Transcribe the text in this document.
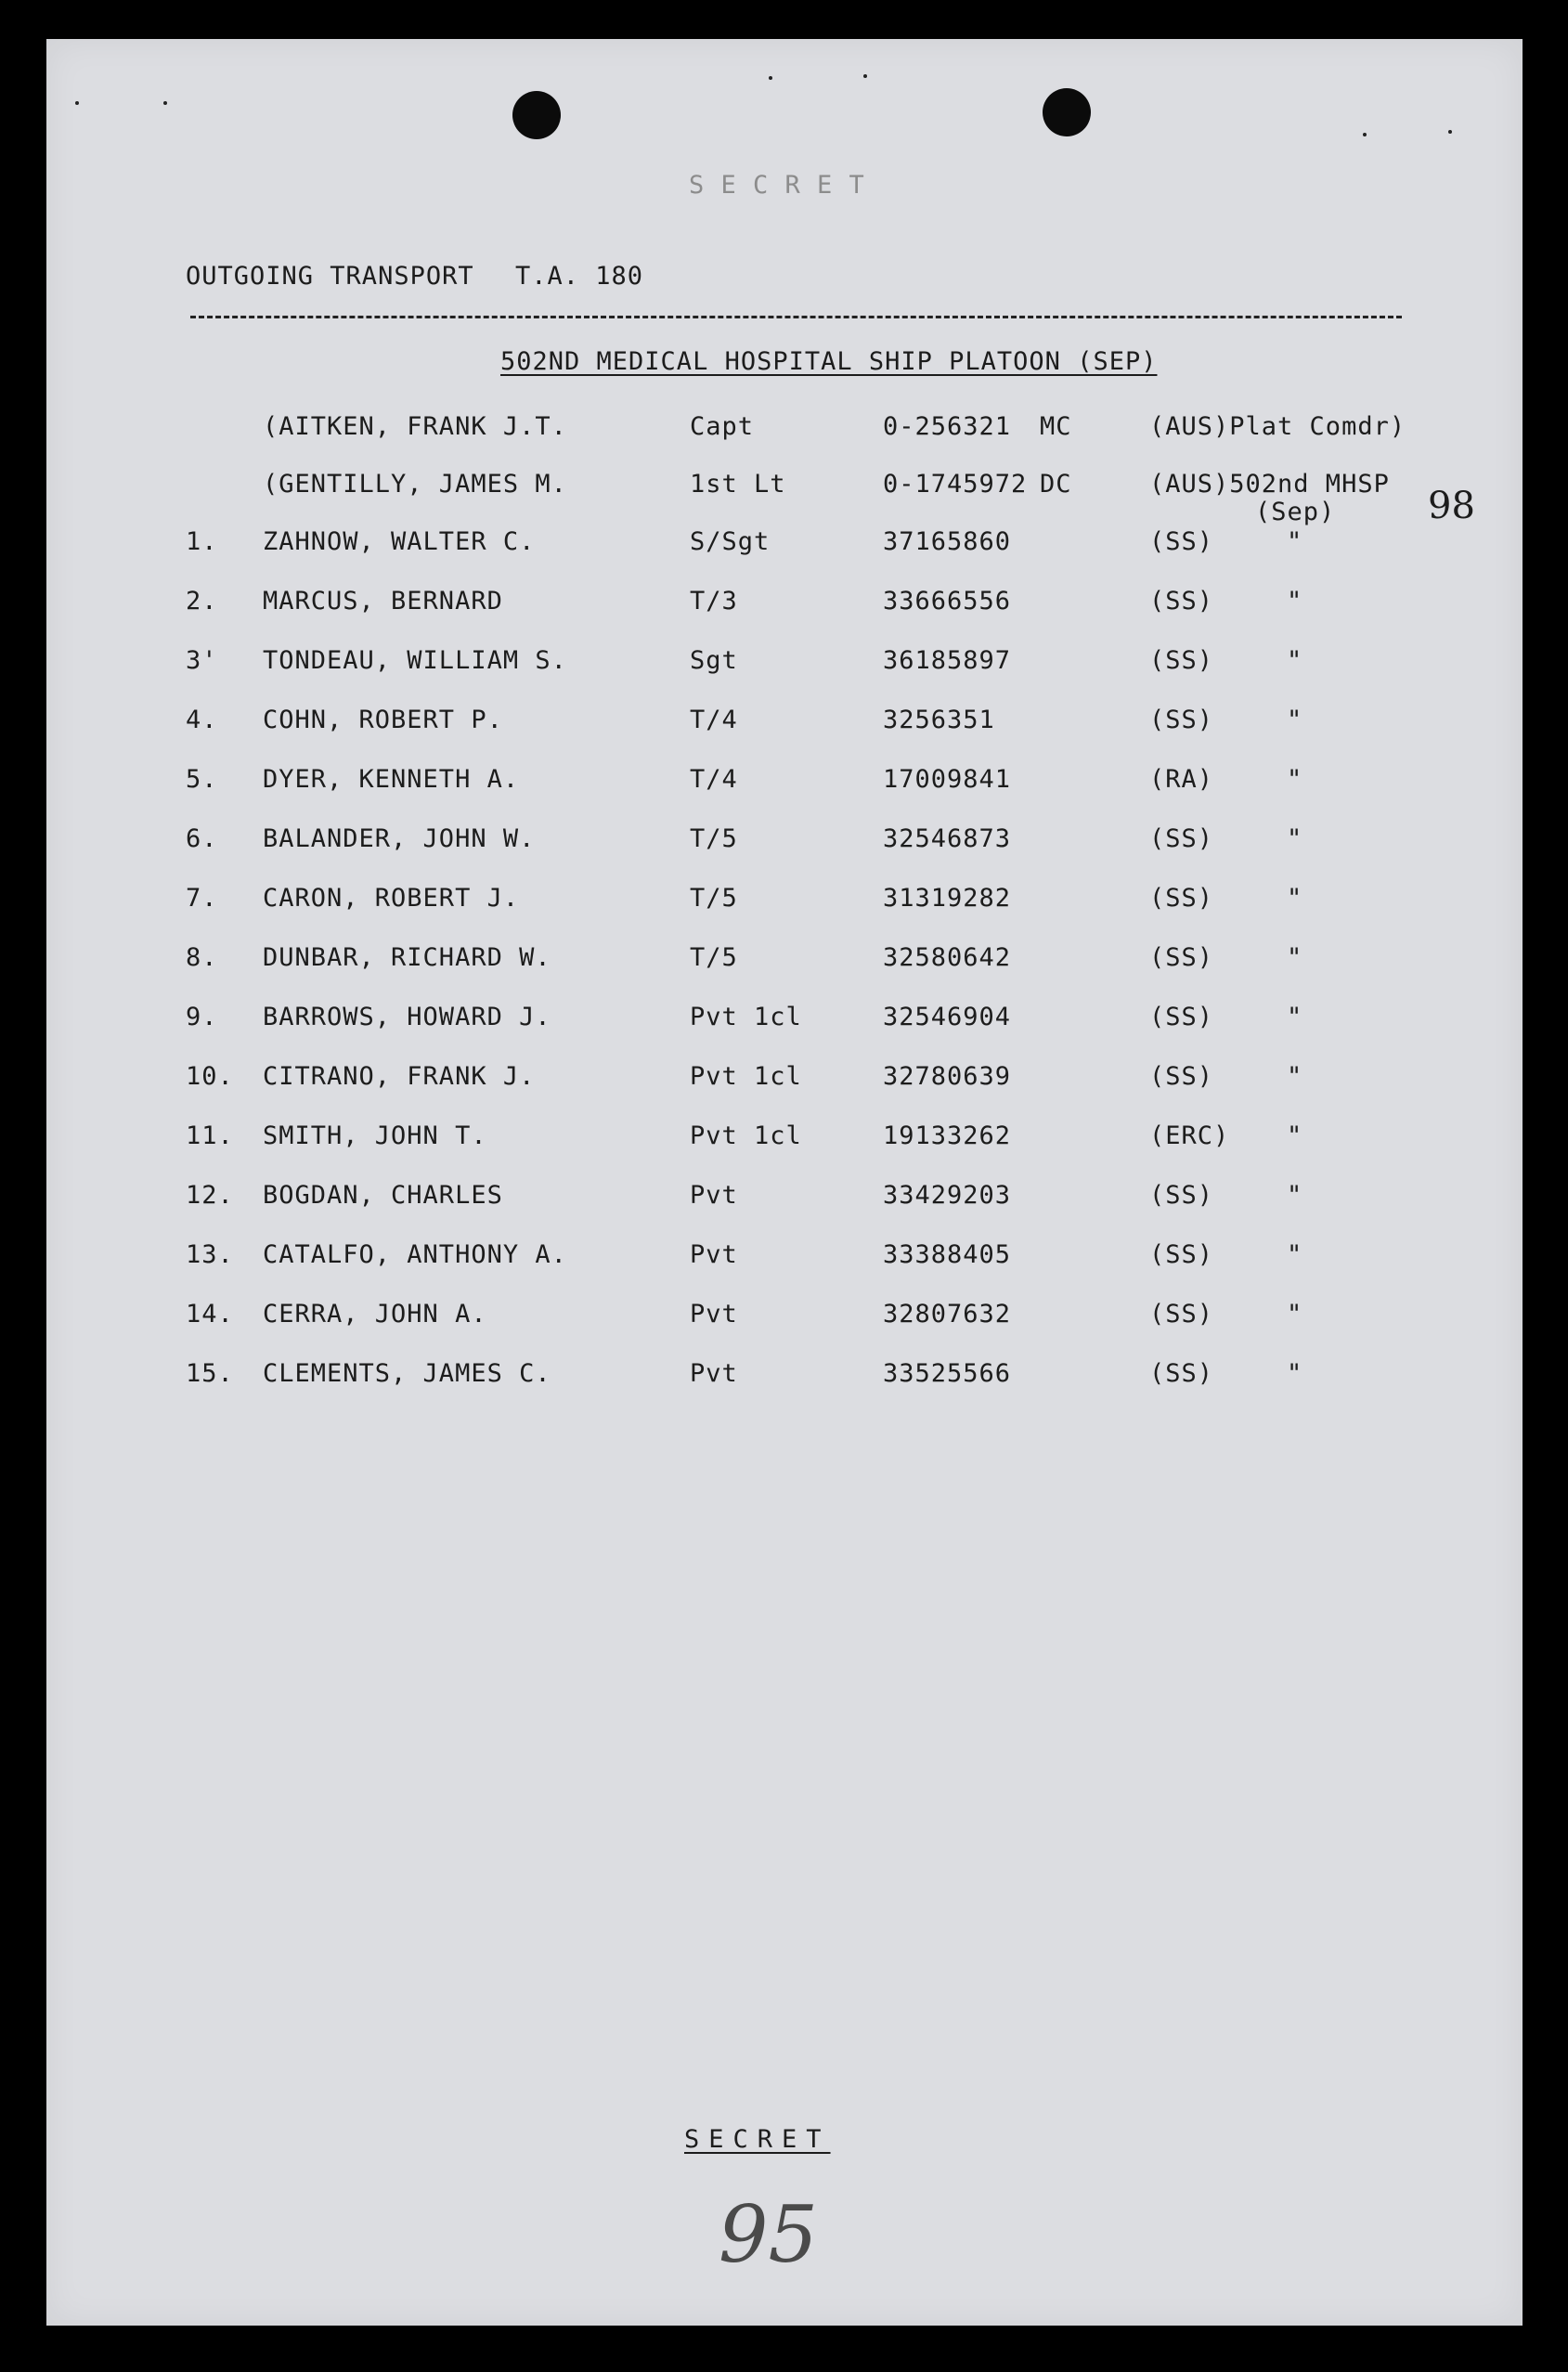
S E C R E T
OUTGOING TRANSPORT T.A. 180
502ND MEDICAL HOSPITAL SHIP PLATOON (SEP)
(AITKEN, FRANK J.T.	Capt	0-256321 MC	(AUS)Plat Comdr)
(GENTILLY, JAMES M.	1st Lt	0-1745972 DC	(AUS)502nd MHSP
(Sep)
1. ZAHNOW, WALTER C.	S/Sgt	37165860	(SS)	"
2. MARCUS, BERNARD	T/3	33666556	(SS)	"
3' TONDEAU, WILLIAM S.	Sgt	36185897	(SS)	"
4. COHN, ROBERT P.	T/4	3256351	(SS)	"
5. DYER, KENNETH A.	T/4	17009841	(RA)	"
6. BALANDER, JOHN W.	T/5	32546873	(SS)	"
7. CARON, ROBERT J.	T/5	31319282	(SS)	"
8. DUNBAR, RICHARD W.	T/5	32580642	(SS)	"
9. BARROWS, HOWARD J.	Pvt 1cl	32546904	(SS)	"
10. CITRANO, FRANK J.	Pvt 1cl	32780639	(SS)	"
11. SMITH, JOHN T.	Pvt 1cl	19133262	(ERC) "
12. BOGDAN, CHARLES	Pvt	33429203	(SS)	"
13. CATALFO, ANTHONY A.	Pvt	33388405	(SS)	"
14. CERRA, JOHN A.	Pvt	32807632	(SS)	"
15. CLEMENTS, JAMES C.	Pvt	33525566	(SS)	"
98
SECRET
95
